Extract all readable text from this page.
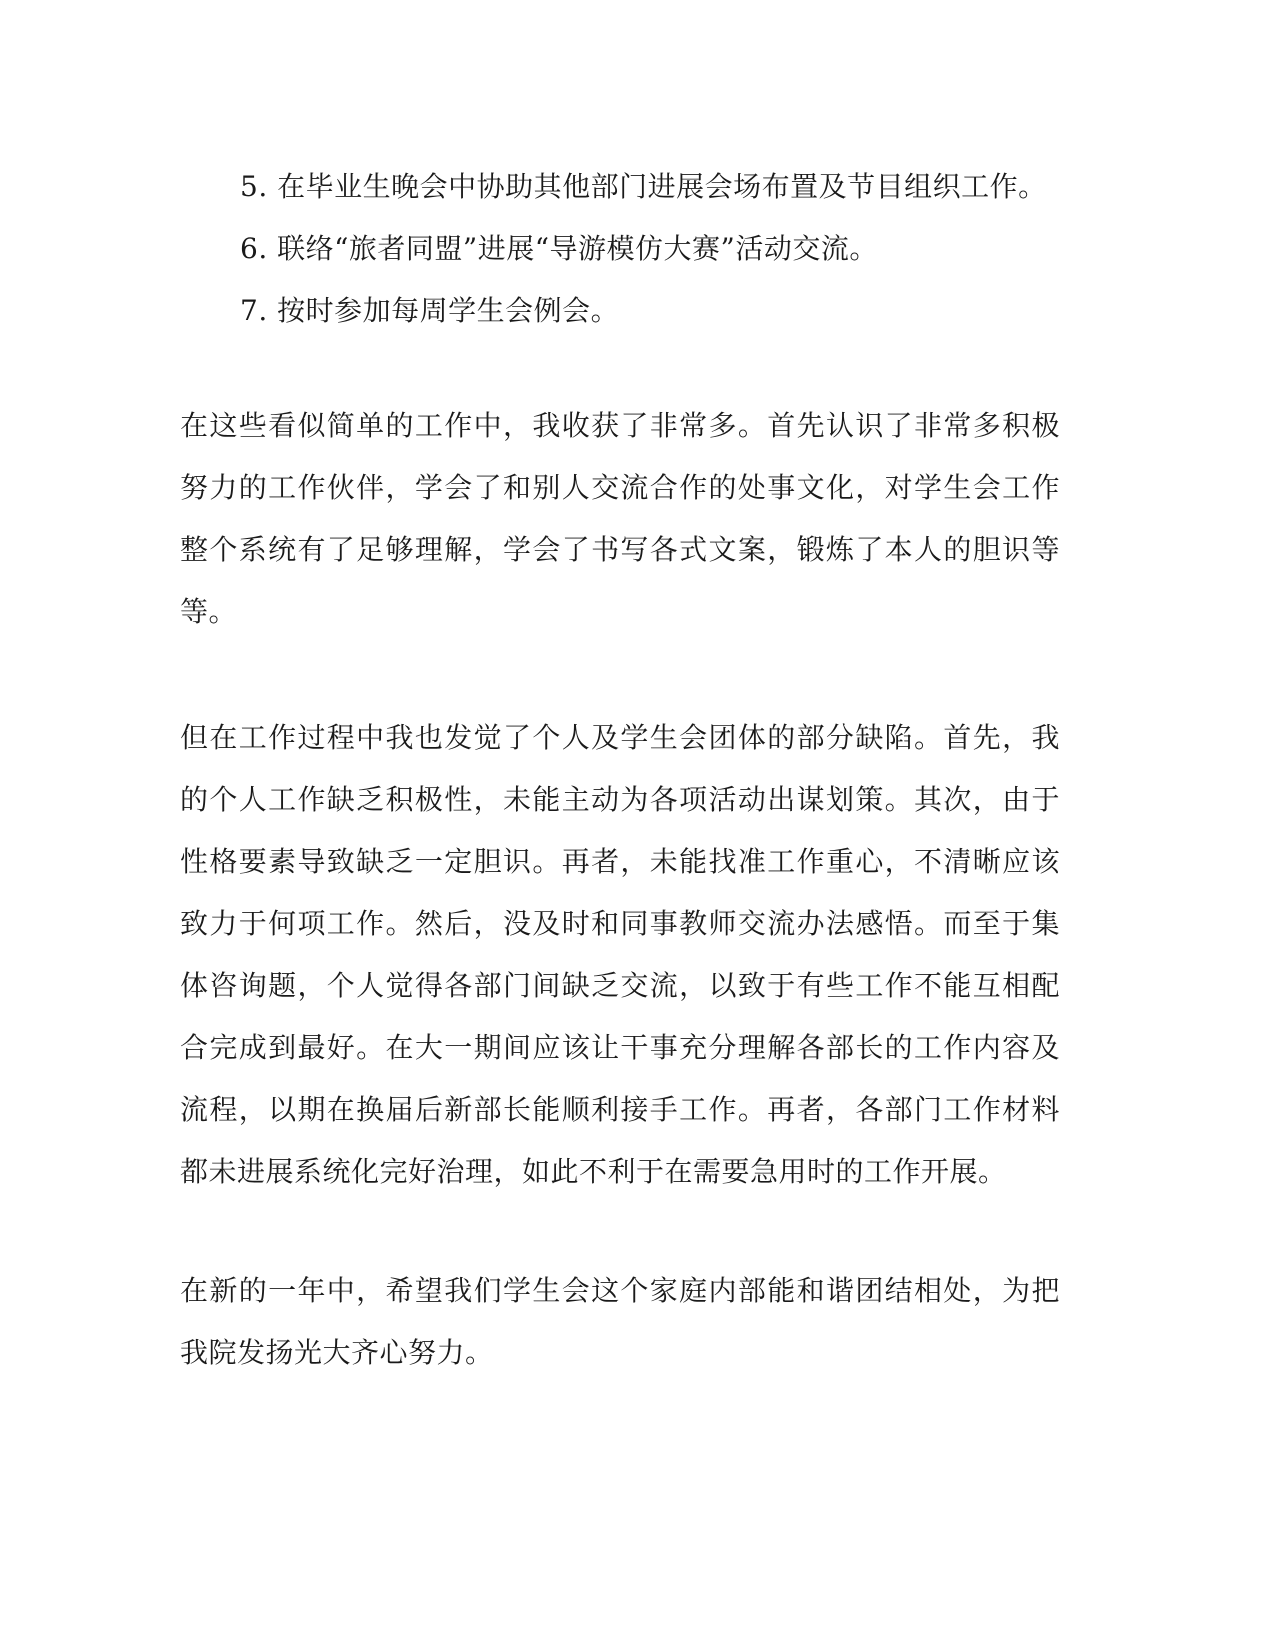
5. 在毕业生晚会中协助其他部门进展会场布置及节目组织工作。
6. 联络“旅者同盟”进展“导游模仿大赛”活动交流。
7. 按时参加每周学生会例会。
在这些看似简单的工作中，我收获了非常多。首先认识了非常多积极
努力的工作伙伴，学会了和别人交流合作的处事文化，对学生会工作
整个系统有了足够理解，学会了书写各式文案，锻炼了本人的胆识等
等。
但在工作过程中我也发觉了个人及学生会团体的部分缺陷。首先，我
的个人工作缺乏积极性，未能主动为各项活动出谋划策。其次，由于
性格要素导致缺乏一定胆识。再者，未能找准工作重心，不清晰应该
致力于何项工作。然后，没及时和同事教师交流办法感悟。而至于集
体咨询题，个人觉得各部门间缺乏交流，以致于有些工作不能互相配
合完成到最好。在大一期间应该让干事充分理解各部长的工作内容及
流程，以期在换届后新部长能顺利接手工作。再者，各部门工作材料
都未进展系统化完好治理，如此不利于在需要急用时的工作开展。
在新的一年中，希望我们学生会这个家庭内部能和谐团结相处，为把
我院发扬光大齐心努力。
